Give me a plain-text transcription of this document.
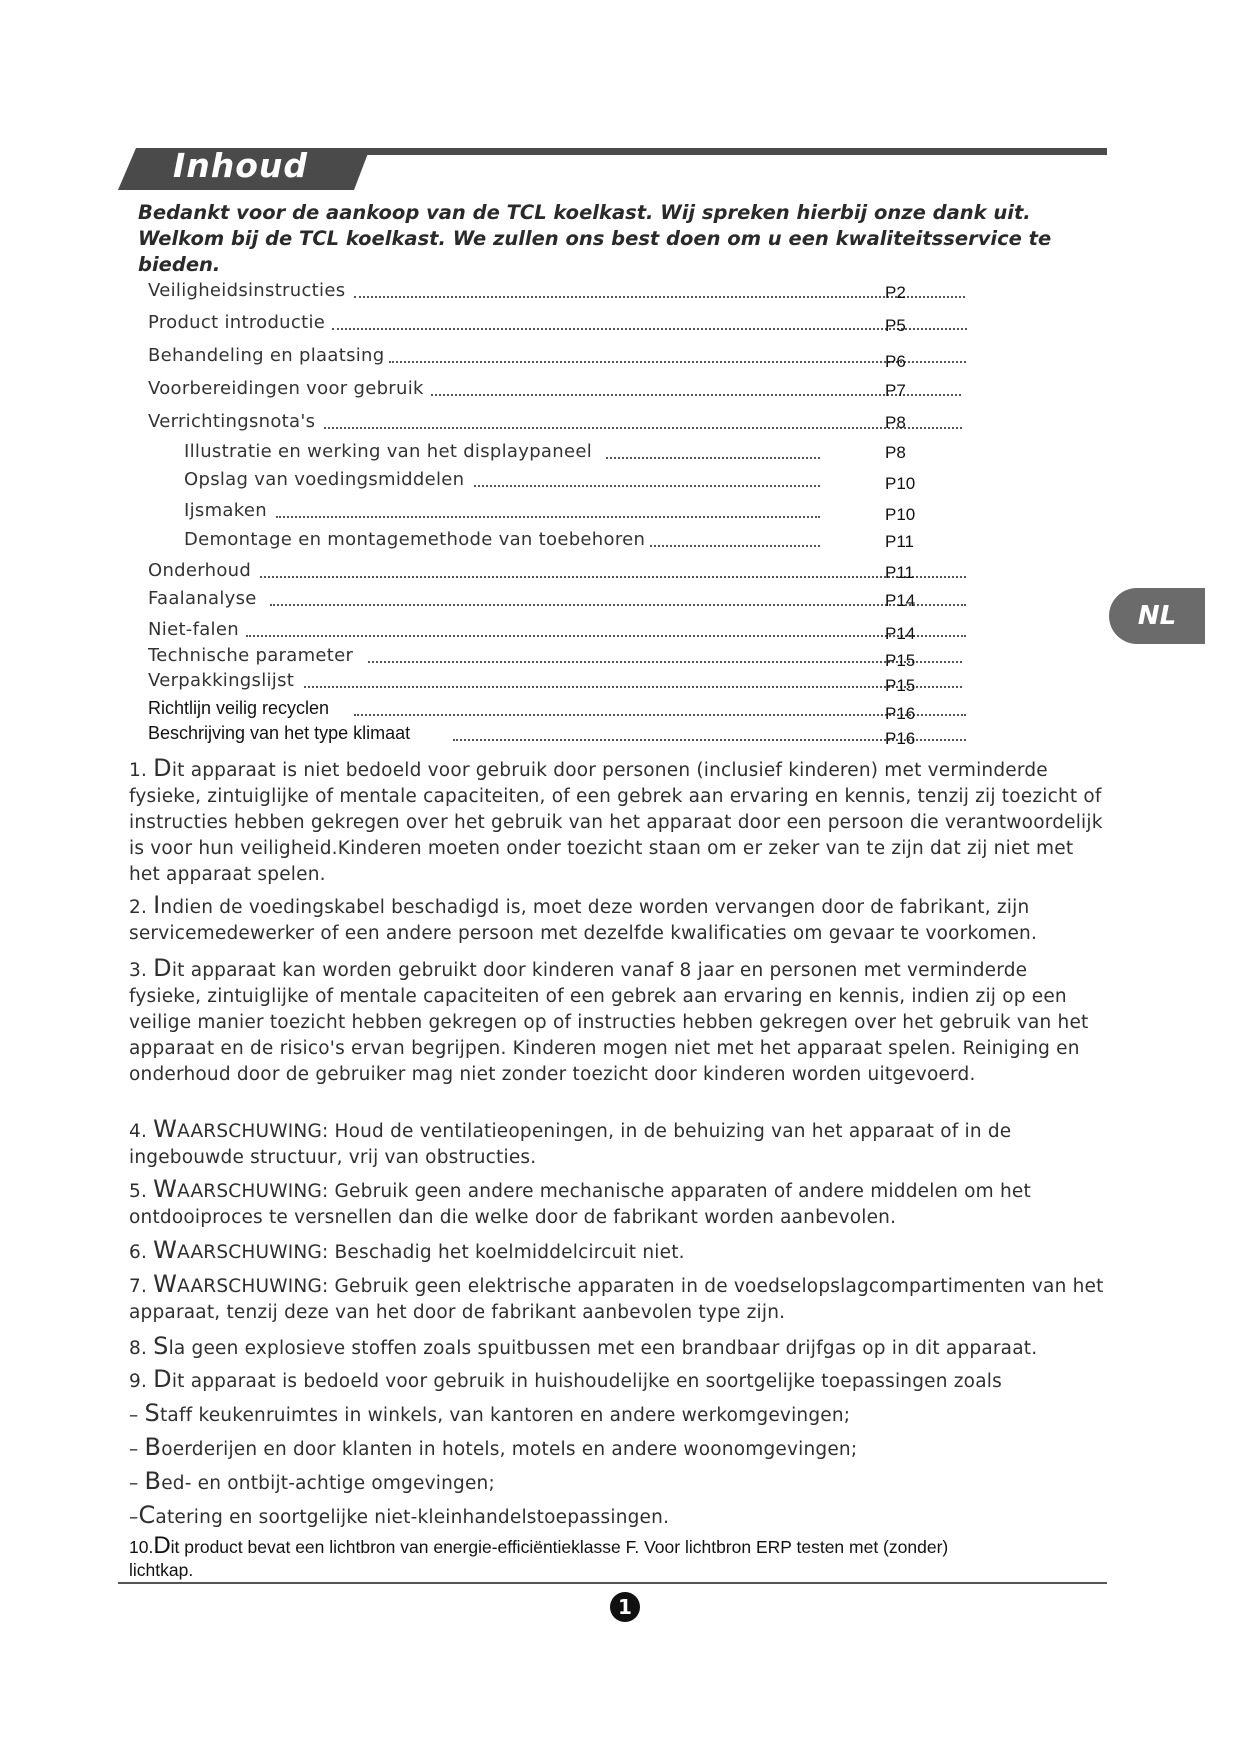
Inhoud
Bedankt voor de aankoop van de TCL koelkast. Wij spreken hierbij onze dank uit. Welkom bij de TCL koelkast. We zullen ons best doen om u een kwaliteitsservice te bieden.
Veiligheidsinstructies	P2
Product introductie	P5
Behandeling en plaatsing	P6
Voorbereidingen voor gebruik	P7
Verrichtingsnota's	P8
Illustratie en werking van het displaypaneel	P8
Opslag van voedingsmiddelen	P10
Ijsmaken	P10
Demontage en montagemethode van toebehoren	P11
Onderhoud	P11
Faalanalyse	P14
Niet-falen	P14
Technische parameter	P15
Verpakkingslijst	P15
Richtlijn veilig recyclen	P16
Beschrijving van het type klimaat	P16
NL
1. Dit apparaat is niet bedoeld voor gebruik door personen (inclusief kinderen) met verminderde fysieke, zintuiglijke of mentale capaciteiten, of een gebrek aan ervaring en kennis, tenzij zij toezicht of instructies hebben gekregen over het gebruik van het apparaat door een persoon die verantwoordelijk is voor hun veiligheid.Kinderen moeten onder toezicht staan om er zeker van te zijn dat zij niet met het apparaat spelen.
2. Indien de voedingskabel beschadigd is, moet deze worden vervangen door de fabrikant, zijn servicemedewerker of een andere persoon met dezelfde kwalificaties om gevaar te voorkomen.
3. Dit apparaat kan worden gebruikt door kinderen vanaf 8 jaar en personen met verminderde fysieke, zintuiglijke of mentale capaciteiten of een gebrek aan ervaring en kennis, indien zij op een veilige manier toezicht hebben gekregen op of instructies hebben gekregen over het gebruik van het apparaat en de risico's ervan begrijpen. Kinderen mogen niet met het apparaat spelen. Reiniging en onderhoud door de gebruiker mag niet zonder toezicht door kinderen worden uitgevoerd.
4. WAARSCHUWING: Houd de ventilatieopeningen, in de behuizing van het apparaat of in de ingebouwde structuur, vrij van obstructies.
5. WAARSCHUWING: Gebruik geen andere mechanische apparaten of andere middelen om het ontdooiproces te versnellen dan die welke door de fabrikant worden aanbevolen.
6. WAARSCHUWING: Beschadig het koelmiddelcircuit niet.
7. WAARSCHUWING: Gebruik geen elektrische apparaten in de voedselopslagcompartimenten van het apparaat, tenzij deze van het door de fabrikant aanbevolen type zijn.
8. Sla geen explosieve stoffen zoals spuitbussen met een brandbaar drijfgas op in dit apparaat.
9. Dit apparaat is bedoeld voor gebruik in huishoudelijke en soortgelijke toepassingen zoals
– Staff keukenruimtes in winkels, van kantoren en andere werkomgevingen;
– Boerderijen en door klanten in hotels, motels en andere woonomgevingen;
– Bed- en ontbijt-achtige omgevingen;
–Catering en soortgelijke niet-kleinhandelstoepassingen.
10.Dit product bevat een lichtbron van energie-efficiëntieklasse F. Voor lichtbron ERP testen met (zonder) lichtkap.
1
